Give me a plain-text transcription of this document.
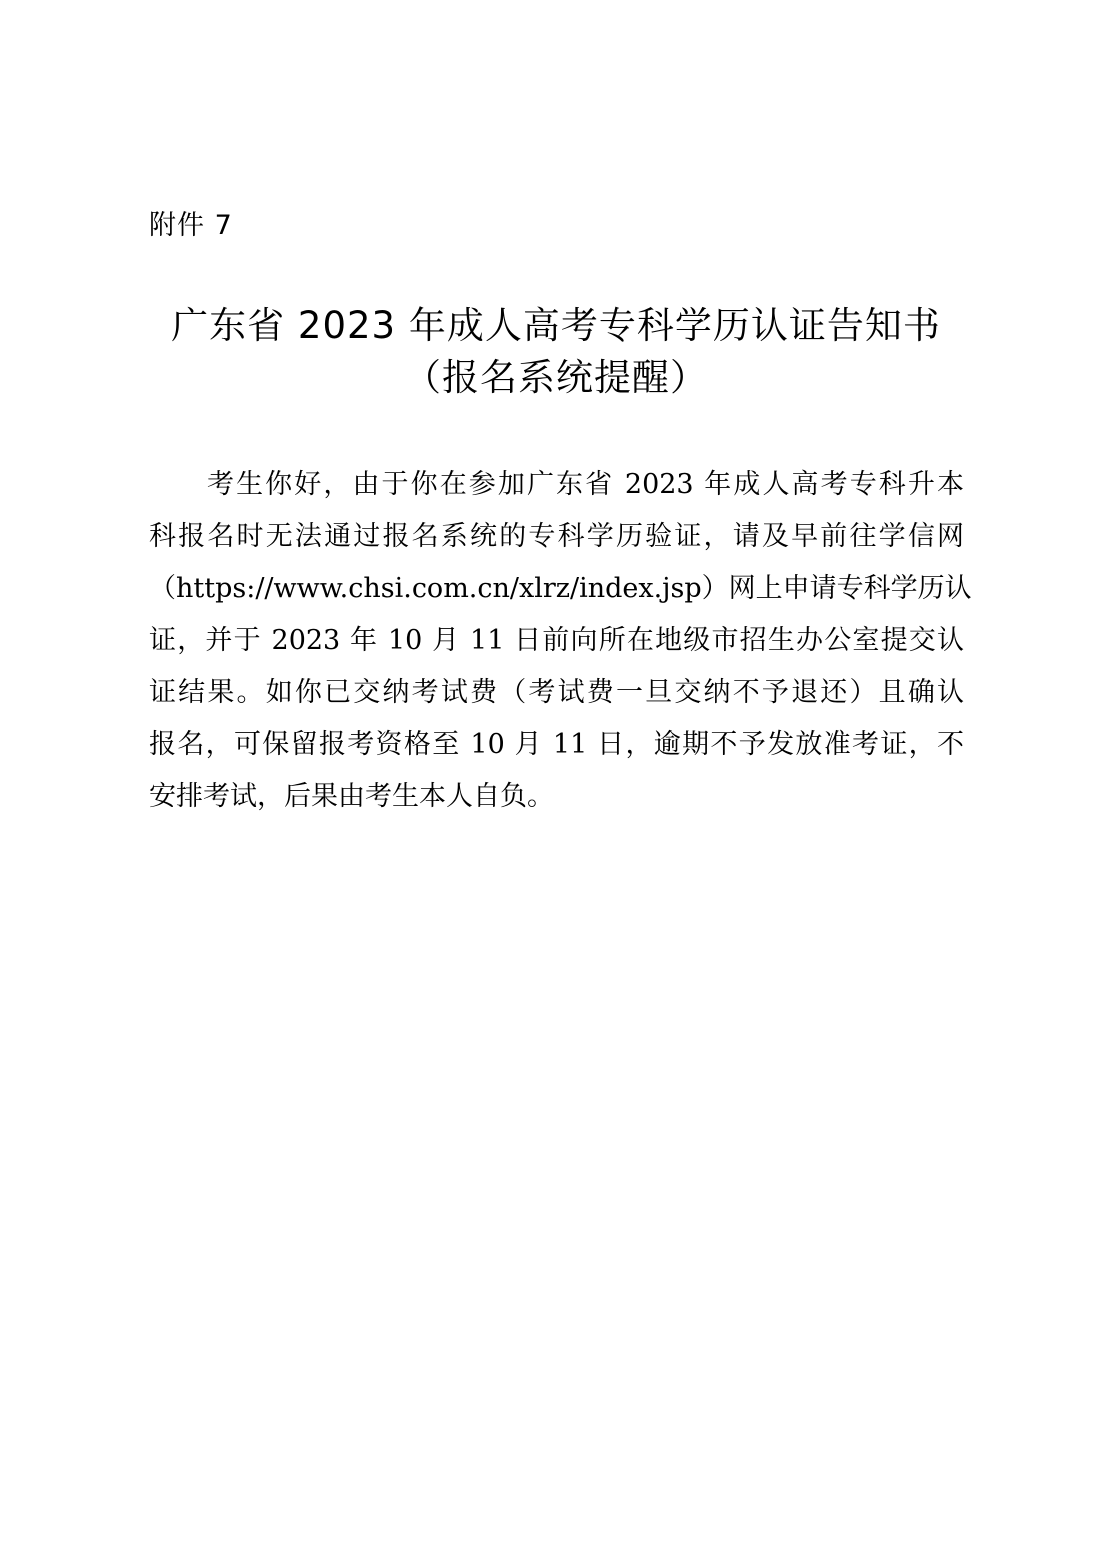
附件 7
广东省 2023 年成人高考专科学历认证告知书
（报名系统提醒）
考生你好，由于你在参加广东省 2023 年成人高考专科升本
科报名时无法通过报名系统的专科学历验证，请及早前往学信网
（https://www.chsi.com.cn/xlrz/index.jsp）网上申请专科学历认
证，并于 2023 年 10 月 11 日前向所在地级市招生办公室提交认
证结果。如你已交纳考试费（考试费一旦交纳不予退还）且确认
报名，可保留报考资格至 10 月 11 日，逾期不予发放准考证，不
安排考试，后果由考生本人自负。
